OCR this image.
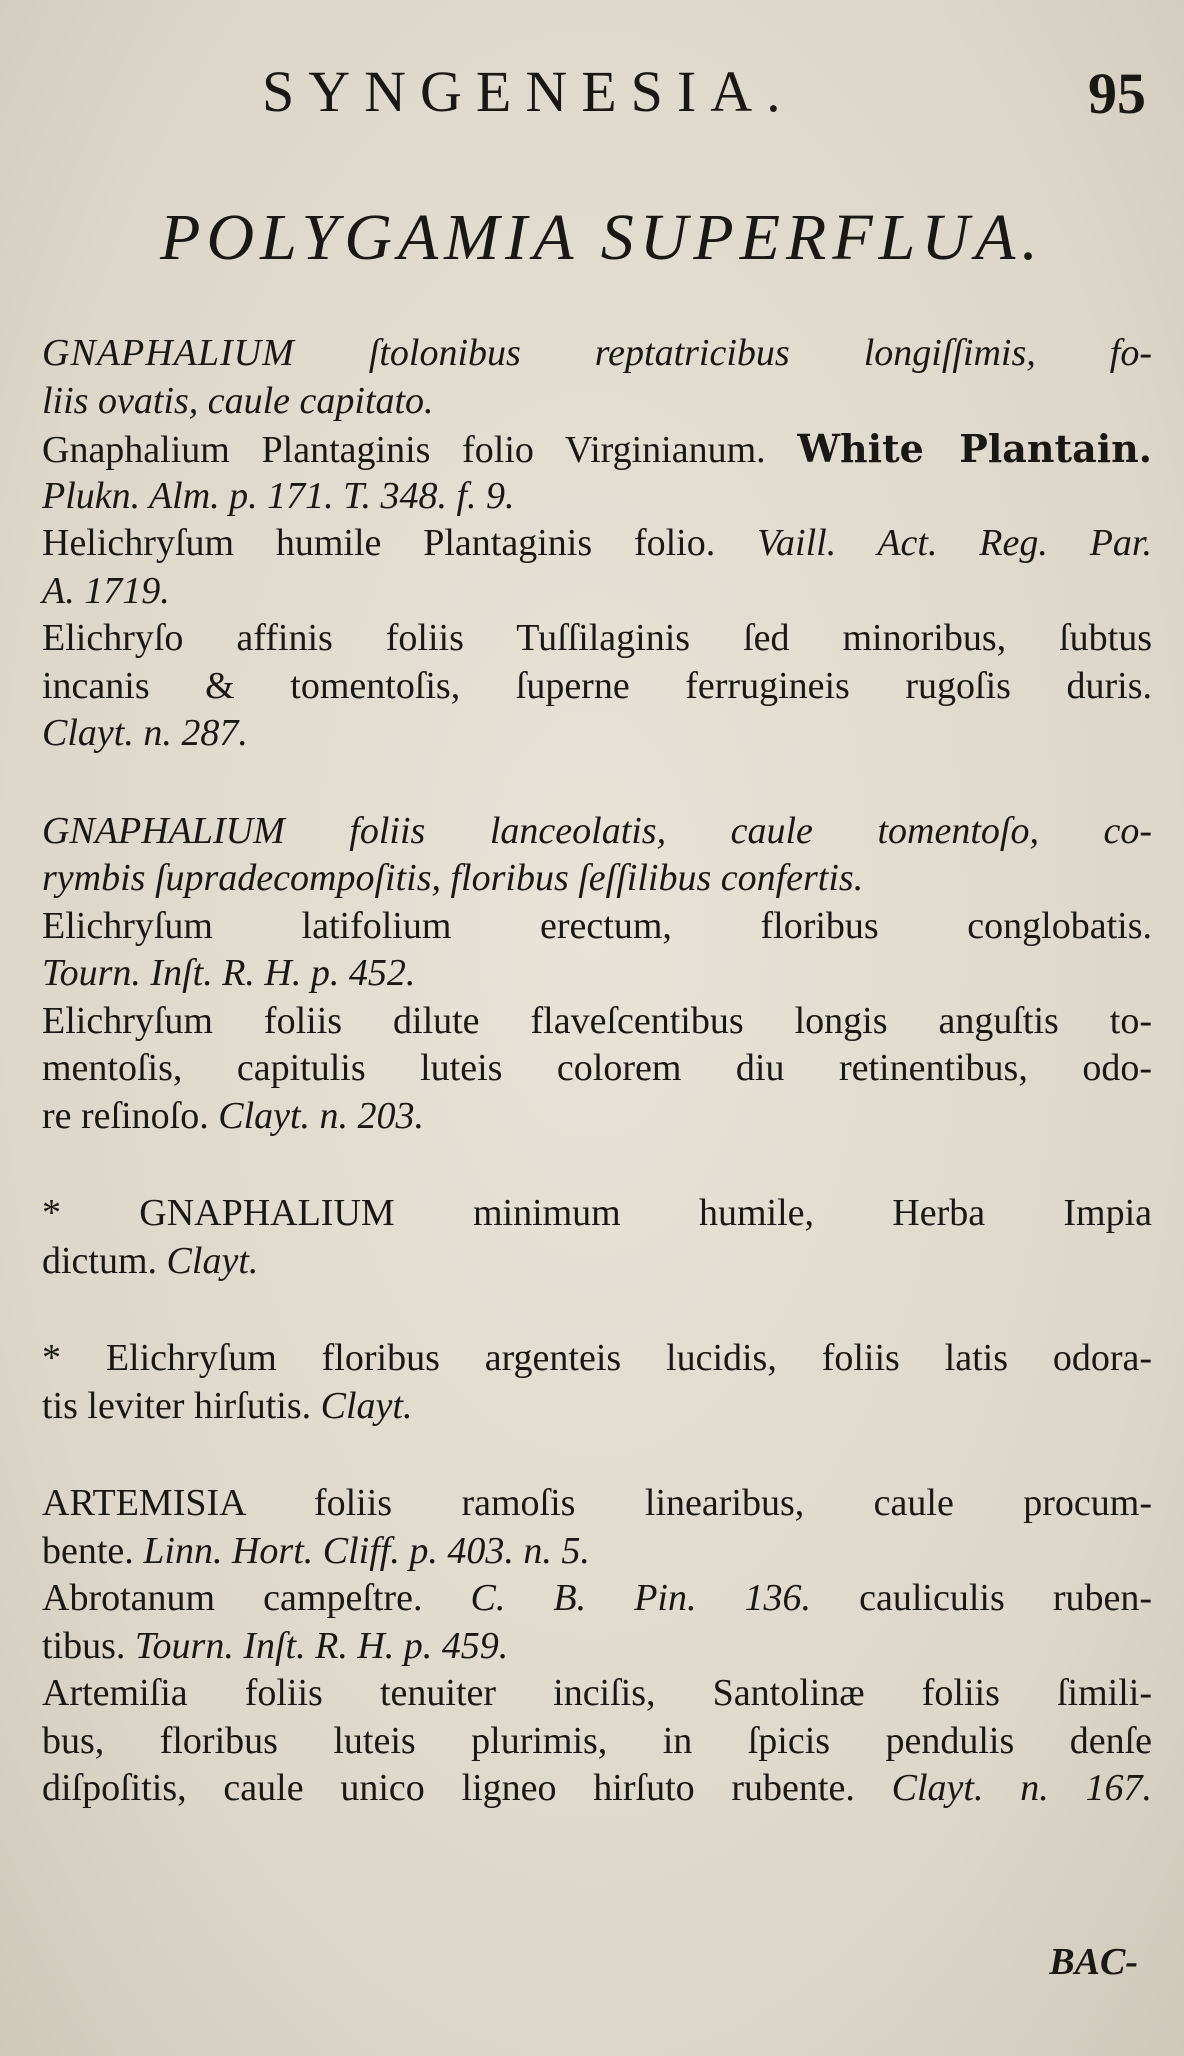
SYNGENESIA.	95
POLYGAMIA SUPERFLUA.
GNAPHALIUM ſtolonibus reptatricibus longiſſimis, fo-
liis ovatis, caule capitato.
Gnaphalium Plantaginis folio Virginianum. White Plantain.
Plukn. Alm. p. 171. T. 348. f. 9.
Helichryſum humile Plantaginis folio. Vaill. Act. Reg. Par.
A. 1719.
Elichryſo affinis foliis Tuſſilaginis ſed minoribus, ſubtus
incanis & tomentoſis, ſuperne ferrugineis rugoſis duris.
Clayt. n. 287.
GNAPHALIUM foliis lanceolatis, caule tomentoſo, co-
rymbis ſupradecompoſitis, floribus ſeſſilibus confertis.
Elichryſum latifolium erectum, floribus conglobatis.
Tourn. Inſt. R. H. p. 452.
Elichryſum foliis dilute flaveſcentibus longis anguſtis to-
mentoſis, capitulis luteis colorem diu retinentibus, odo-
re reſinoſo. Clayt. n. 203.
* GNAPHALIUM minimum humile, Herba Impia
dictum. Clayt.
* Elichryſum floribus argenteis lucidis, foliis latis odora-
tis leviter hirſutis. Clayt.
ARTEMISIA foliis ramoſis linearibus, caule procum-
bente. Linn. Hort. Cliff. p. 403. n. 5.
Abrotanum campeſtre. C. B. Pin. 136. cauliculis ruben-
tibus. Tourn. Inſt. R. H. p. 459.
Artemiſia foliis tenuiter inciſis, Santolinæ foliis ſimili-
bus, floribus luteis plurimis, in ſpicis pendulis denſe
diſpoſitis, caule unico ligneo hirſuto rubente. Clayt. n. 167.
BAC-
